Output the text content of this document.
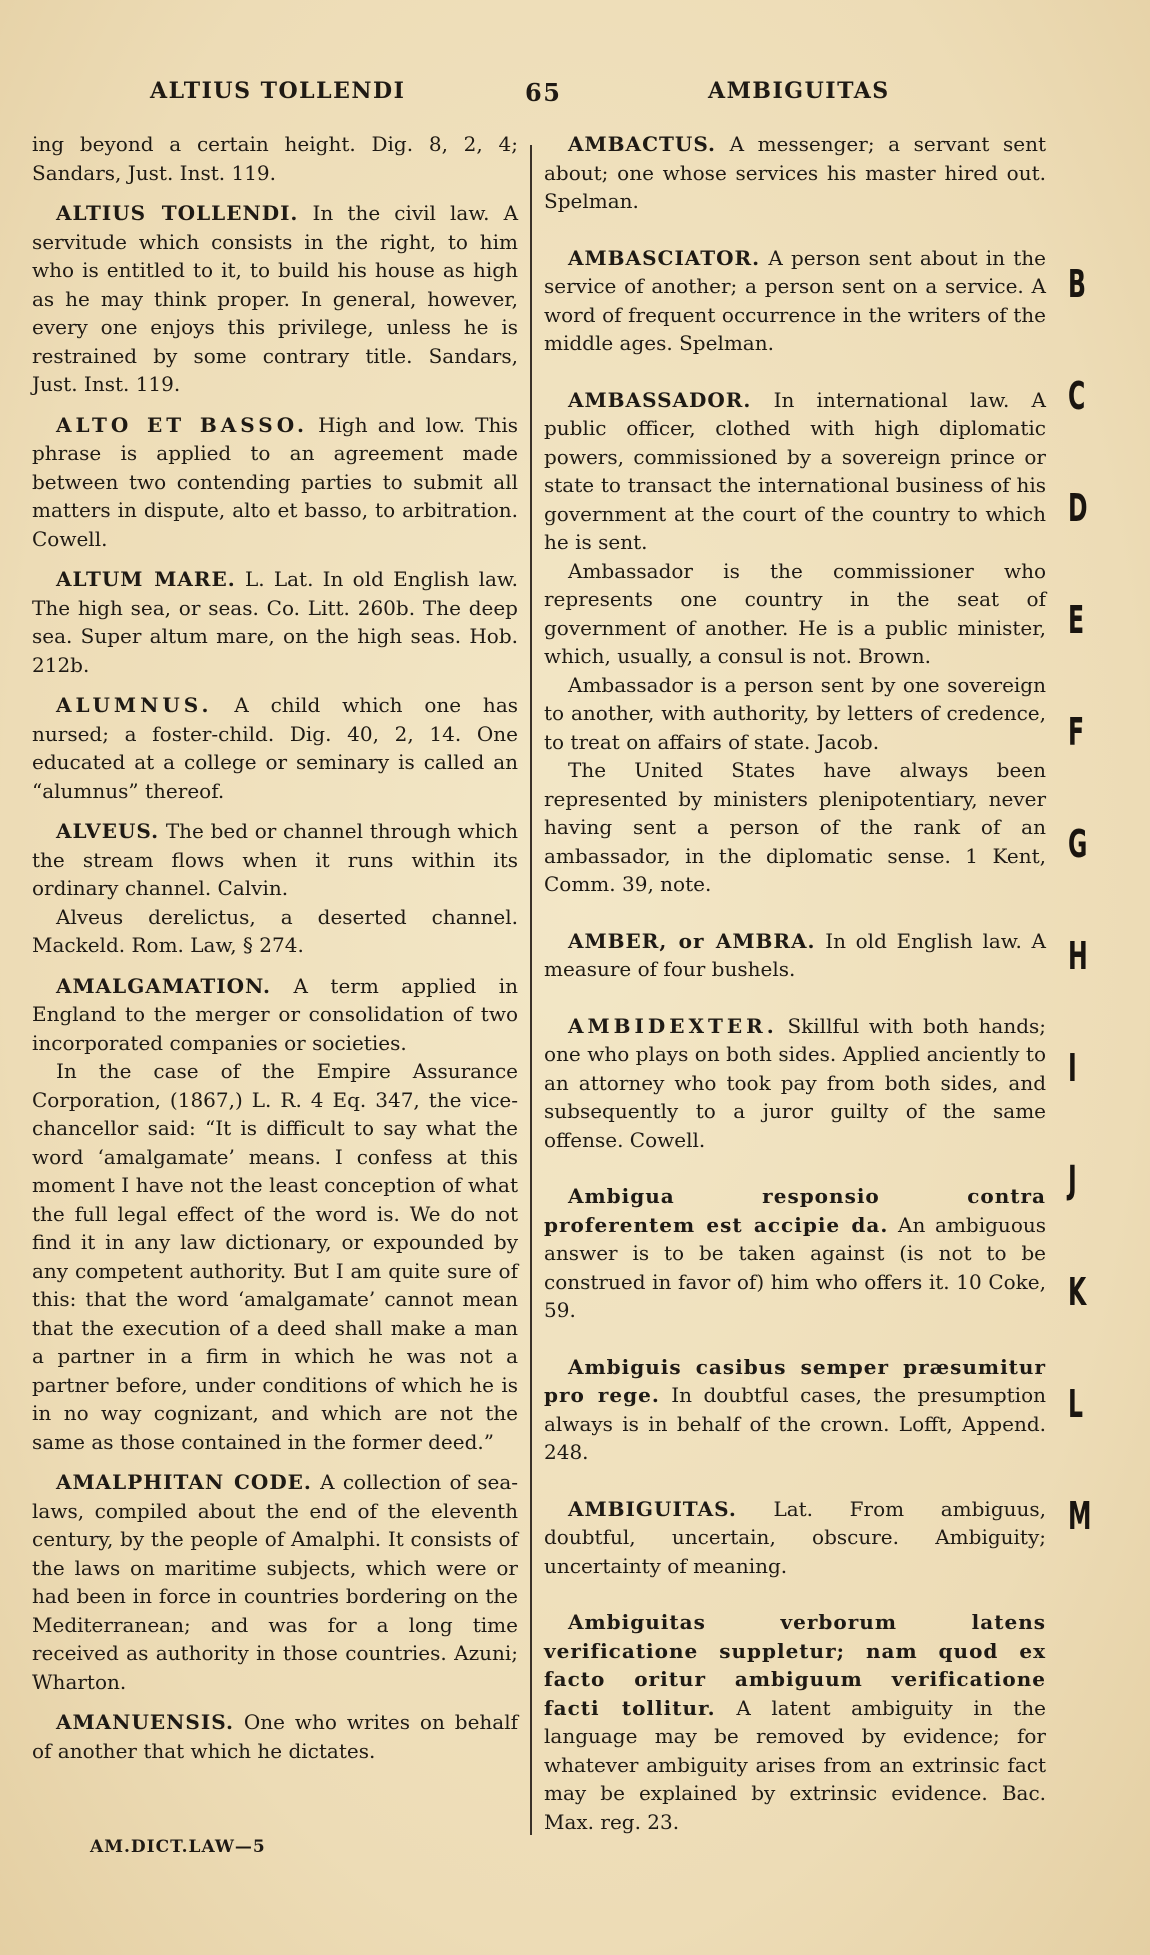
ALTIUS TOLLENDI	65	AMBIGUITAS

ing beyond a certain height. Dig. 8, 2, 4; Sandars, Just. Inst. 119.

ALTIUS TOLLENDI. In the civil law. A servitude which consists in the right, to him who is entitled to it, to build his house as high as he may think proper. In general, however, every one enjoys this privilege, unless he is restrained by some contrary title. Sandars, Just. Inst. 119.

ALTO ET BASSO. High and low. This phrase is applied to an agreement made between two contending parties to submit all matters in dispute, alto et basso, to arbitration. Cowell.

ALTUM MARE. L. Lat. In old English law. The high sea, or seas. Co. Litt. 260b. The deep sea. Super altum mare, on the high seas. Hob. 212b.

ALUMNUS. A child which one has nursed; a foster-child. Dig. 40, 2, 14. One educated at a college or seminary is called an “alumnus” thereof.

ALVEUS. The bed or channel through which the stream flows when it runs within its ordinary channel. Calvin.

Alveus derelictus, a deserted channel. Mackeld. Rom. Law, § 274.

AMALGAMATION. A term applied in England to the merger or consolidation of two incorporated companies or societies.

In the case of the Empire Assurance Corporation, (1867,) L. R. 4 Eq. 347, the vice-chancellor said: “It is difficult to say what the word ‘amalgamate’ means. I confess at this moment I have not the least conception of what the full legal effect of the word is. We do not find it in any law dictionary, or expounded by any competent authority. But I am quite sure of this: that the word ‘amalgamate’ cannot mean that the execution of a deed shall make a man a partner in a firm in which he was not a partner before, under conditions of which he is in no way cognizant, and which are not the same as those contained in the former deed.”

AMALPHITAN CODE. A collection of sea-laws, compiled about the end of the eleventh century, by the people of Amalphi. It consists of the laws on maritime subjects, which were or had been in force in countries bordering on the Mediterranean; and was for a long time received as authority in those countries. Azuni; Wharton.

AMANUENSIS. One who writes on behalf of another that which he dictates.

AMBACTUS. A messenger; a servant sent about; one whose services his master hired out. Spelman.

AMBASCIATOR. A person sent about in the service of another; a person sent on a service. A word of frequent occurrence in the writers of the middle ages. Spelman.

AMBASSADOR. In international law. A public officer, clothed with high diplomatic powers, commissioned by a sovereign prince or state to transact the international business of his government at the court of the country to which he is sent.

Ambassador is the commissioner who represents one country in the seat of government of another. He is a public minister, which, usually, a consul is not. Brown.

Ambassador is a person sent by one sovereign to another, with authority, by letters of credence, to treat on affairs of state. Jacob.

The United States have always been represented by ministers plenipotentiary, never having sent a person of the rank of an ambassador, in the diplomatic sense. 1 Kent, Comm. 39, note.

AMBER, or AMBRA. In old English law. A measure of four bushels.

AMBIDEXTER. Skillful with both hands; one who plays on both sides. Applied anciently to an attorney who took pay from both sides, and subsequently to a juror guilty of the same offense. Cowell.

Ambigua responsio contra proferentem est accipie da. An ambiguous answer is to be taken against (is not to be construed in favor of) him who offers it. 10 Coke, 59.

Ambiguis casibus semper præsumitur pro rege. In doubtful cases, the presumption always is in behalf of the crown. Lofft, Append. 248.

AMBIGUITAS. Lat. From ambiguus, doubtful, uncertain, obscure. Ambiguity; uncertainty of meaning.

Ambiguitas verborum latens verificatione suppletur; nam quod ex facto oritur ambiguum verificatione facti tollitur. A latent ambiguity in the language may be removed by evidence; for whatever ambiguity arises from an extrinsic fact may be explained by extrinsic evidence. Bac. Max. reg. 23.

AM.DICT.LAW—5
B
C
D
E
F
G
H
I
J
K
L
M
